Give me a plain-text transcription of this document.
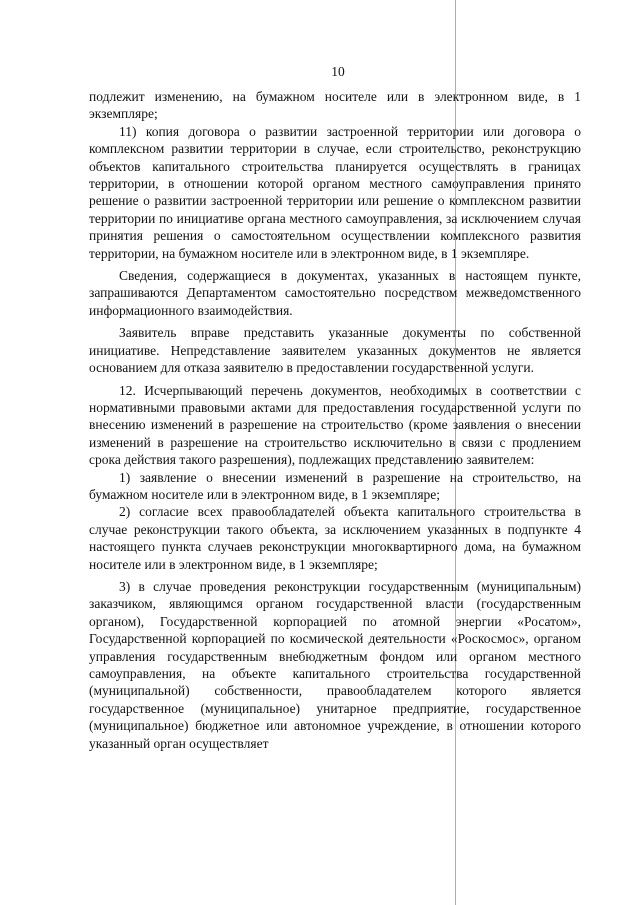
10

подлежит изменению, на бумажном носителе или в электронном виде, в 1 экземпляре;

11) копия договора о развитии застроенной территории или договора о комплексном развитии территории в случае, если строительство, реконструкцию объектов капитального строительства планируется осуществлять в границах территории, в отношении которой органом местного самоуправления принято решение о развитии застроенной территории или решение о комплексном развитии территории по инициативе органа местного самоуправления, за исключением случая принятия решения о самостоятельном осуществлении комплексного развития территории, на бумажном носителе или в электронном виде, в 1 экземпляре.

Сведения, содержащиеся в документах, указанных в настоящем пункте, запрашиваются Департаментом самостоятельно посредством межведомственного информационного взаимодействия.

Заявитель вправе представить указанные документы по собственной инициативе. Непредставление заявителем указанных документов не является основанием для отказа заявителю в предоставлении государственной услуги.

12. Исчерпывающий перечень документов, необходимых в соответствии с нормативными правовыми актами для предоставления государственной услуги по внесению изменений в разрешение на строительство (кроме заявления о внесении изменений в разрешение на строительство исключительно в связи с продлением срока действия такого разрешения), подлежащих представлению заявителем:

1) заявление о внесении изменений в разрешение на строительство, на бумажном носителе или в электронном виде, в 1 экземпляре;

2) согласие всех правообладателей объекта капитального строительства в случае реконструкции такого объекта, за исключением указанных в подпункте 4 настоящего пункта случаев реконструкции многоквартирного дома, на бумажном носителе или в электронном виде, в 1 экземпляре;

3) в случае проведения реконструкции государственным (муниципальным) заказчиком, являющимся органом государственной власти (государственным органом), Государственной корпорацией по атомной энергии «Росатом», Государственной корпорацией по космической деятельности «Роскосмос», органом управления государственным внебюджетным фондом или органом местного самоуправления, на объекте капитального строительства государственной (муниципальной) собственности, правообладателем которого является государственное (муниципальное) унитарное предприятие, государственное (муниципальное) бюджетное или автономное учреждение, в отношении которого указанный орган осуществляет
